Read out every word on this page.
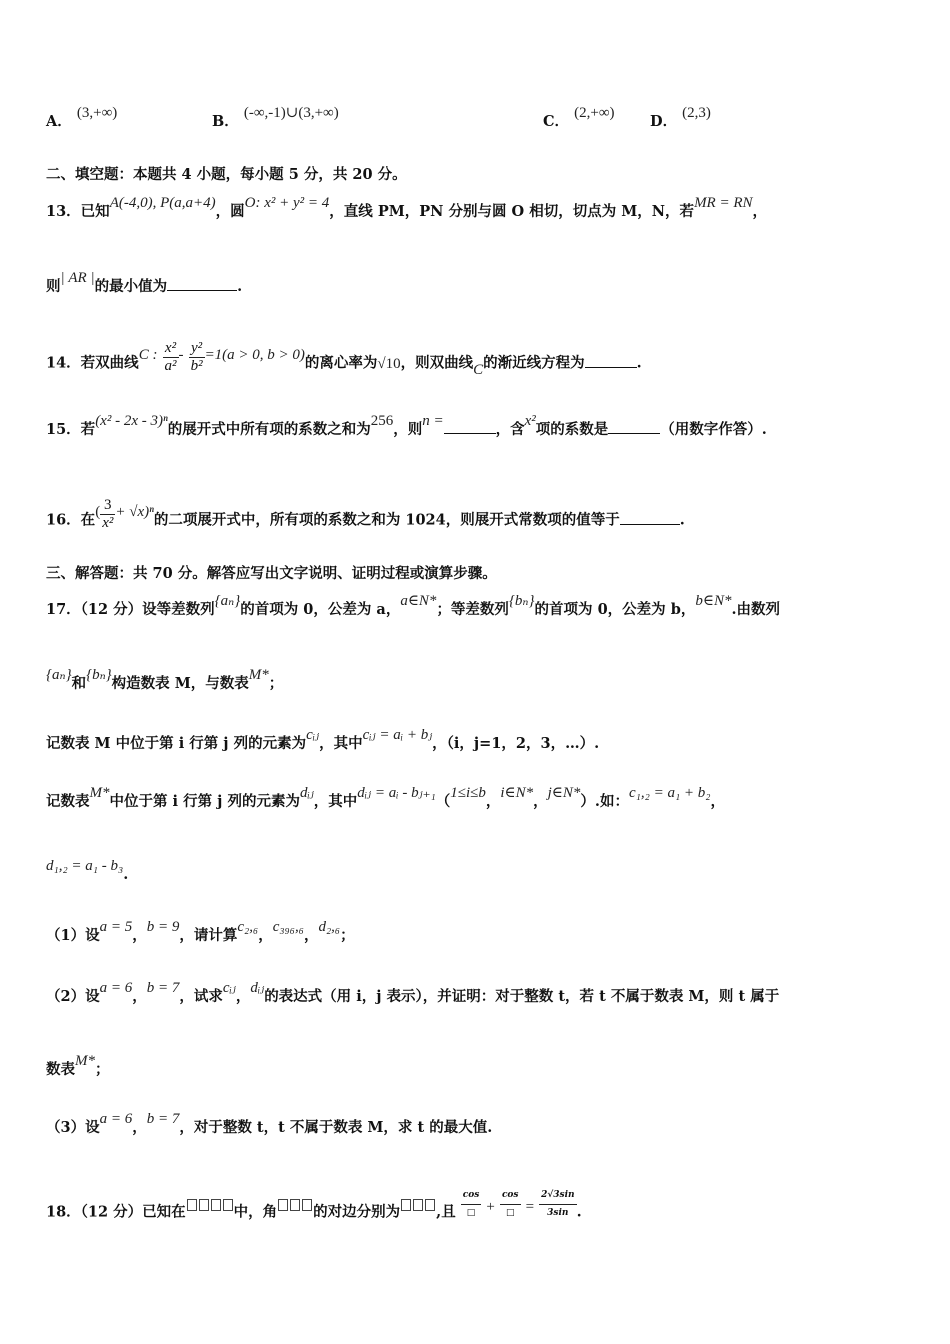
A． (3,+∞)	B． (-∞,-1)∪(3,+∞)	C． (2,+∞) D． (2,3)
二、填空题：本题共 4 小题，每小题 5 分，共 20 分。
13．已知A(-4,0), P(a,a+4)，圆O: x² + y² = 4，直线 PM，PN 分别与圆 O 相切，切点为 M，N，若MR = RN，
则| AR |的最小值为	.
14．若双曲线C : $\frac{\text{x²}}{\text{a²}} - \frac{\text{y²}}{\text{b²}} =1(a > 0$, b > 0)的离心率为√10，则双曲线C的渐近线方程为	.
15．若(x² - 2x - 3)ⁿ的展开式中所有项的系数之和为256，则n =	，含x²项的系数是	（用数字作答）.
16．在( $\frac{3}{\text{x²}} + √x)^n$的二项展开式中，所有项的系数之和为 1024，则展开式常数项的值等于	.
三、解答题：共 70 分。解答应写出文字说明、证明过程或演算步骤。
17．（12 分）设等差数列{aₙ}的首项为 0，公差为 a，a∈N*；等差数列{bₙ}的首项为 0，公差为 b，b∈N*.由数列
{aₙ}和{bₙ}构造数表 M，与数表M*；
记数表 M 中位于第 i 行第 j 列的元素为cᵢⱼ，其中cᵢⱼ = aᵢ + bⱼ，（i，j=1，2，3，…）.
记数表M*中位于第 i 行第 j 列的元素为dᵢⱼ，其中dᵢⱼ = aᵢ - bⱼ₊₁（1≤i≤b，i∈N*，j∈N*）.如：c₁,₂ = a₁ + b₂，
d₁,₂ = a₁ - b₃.
（1）设a = 5，b = 9，请计算c₂,₆，c₃₉₆,₆，d₂,₆；
（2）设a = 6，b = 7，试求cᵢⱼ，dᵢⱼ的表达式（用 i，j 表示），并证明：对于整数 t，若 t 不属于数表 M，则 t 属于
数表M*；
（3）设a = 6，b = 7，对于整数 t，t 不属于数表 M，求 t 的最大值.
18．（12 分）已知在	中，角 的对边分别为 ,且 $\frac{\cos}{□} + \frac{\cos}{□} = \frac{2√3\sin}{3\sin}$ .
